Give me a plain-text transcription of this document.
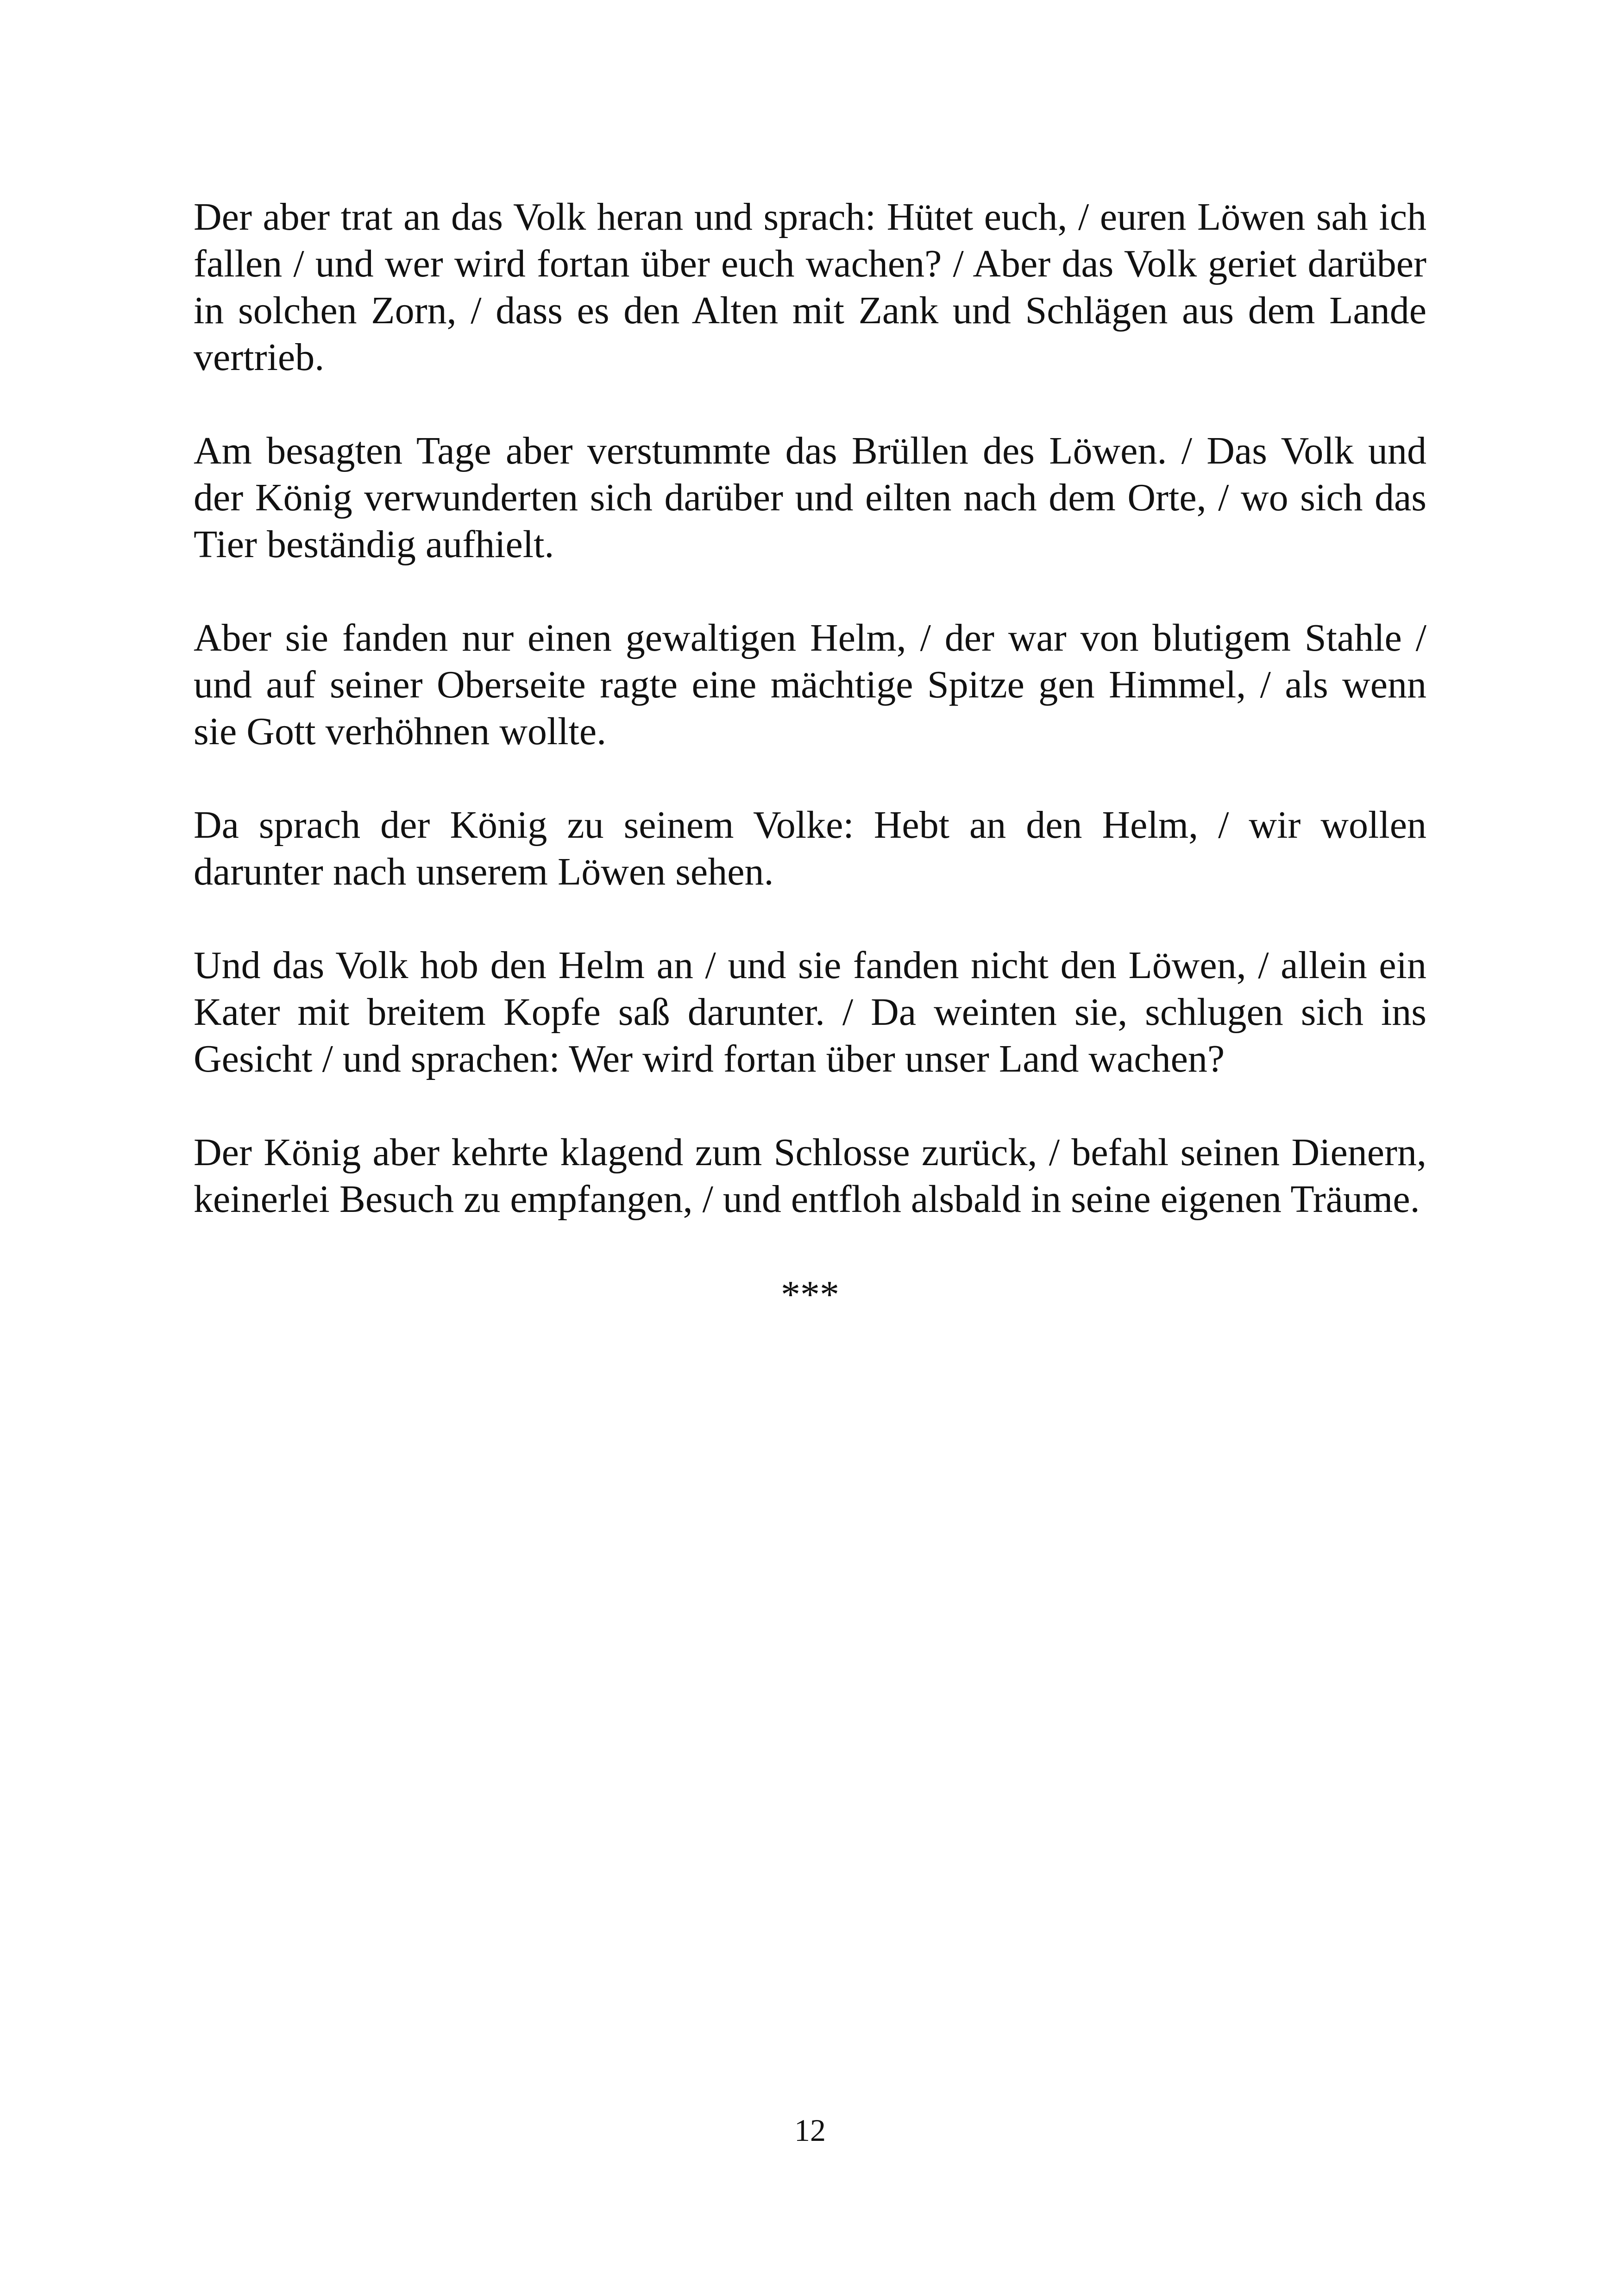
Der aber trat an das Volk heran und sprach: Hütet euch, / euren Löwen sah ich fallen / und wer wird fortan über euch wachen? / Aber das Volk geriet darüber in solchen Zorn, / dass es den Alten mit Zank und Schlägen aus dem Lande vertrieb.

Am besagten Tage aber verstummte das Brüllen des Löwen. / Das Volk und der König verwunderten sich darüber und eilten nach dem Orte, / wo sich das Tier beständig aufhielt.

Aber sie fanden nur einen gewaltigen Helm, / der war von blutigem Stahle / und auf seiner Oberseite ragte eine mächtige Spitze gen Himmel, / als wenn sie Gott verhöhnen wollte.

Da sprach der König zu seinem Volke: Hebt an den Helm, / wir wollen darunter nach unserem Löwen sehen.

Und das Volk hob den Helm an / und sie fanden nicht den Löwen, / allein ein Kater mit breitem Kopfe saß darunter. / Da weinten sie, schlugen sich ins Gesicht / und sprachen: Wer wird fortan über unser Land wachen?

Der König aber kehrte klagend zum Schlosse zurück, / befahl seinen Dienern, keinerlei Besuch zu empfangen, / und entfloh alsbald in seine eigenen Träume.

***
12
